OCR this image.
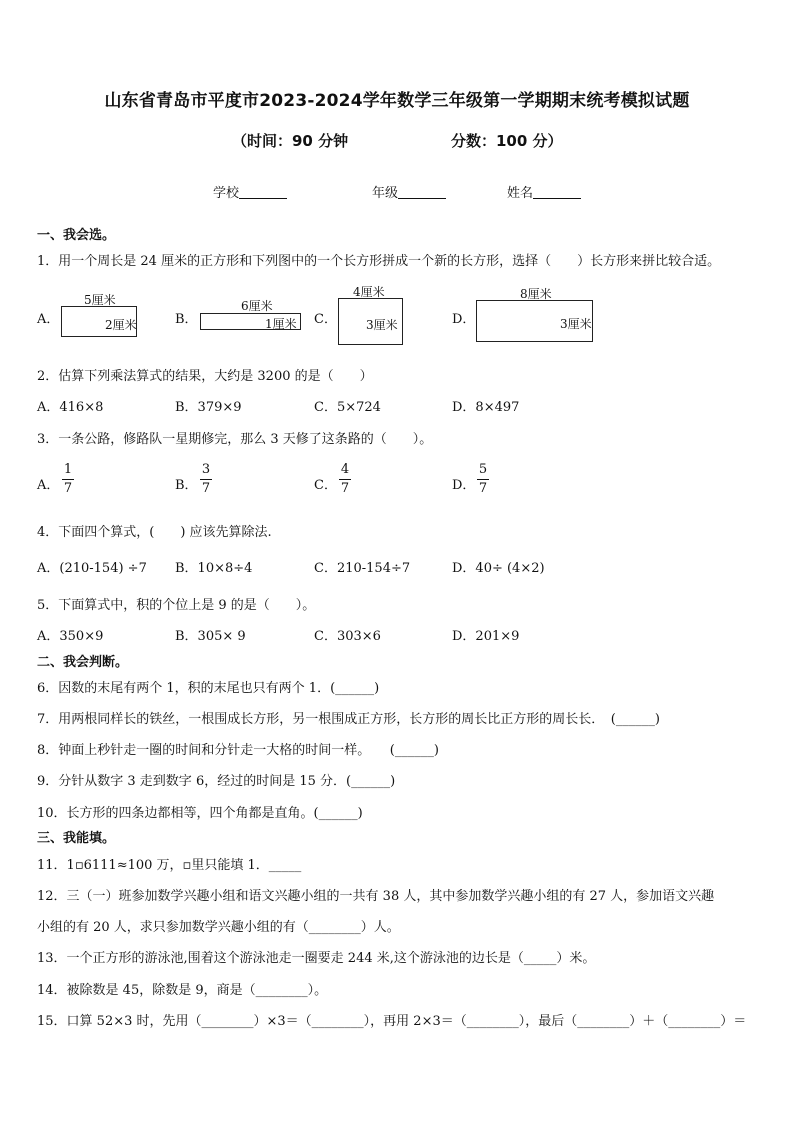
山东省青岛市平度市2023-2024学年数学三年级第一学期期末统考模拟试题
（时间：90 分钟	分数：100 分）
学校	年级	姓名
一、我会选。
1．用一个周长是 24 厘米的正方形和下列图中的一个长方形拼成一个新的长方形，选择（　　）长方形来拼比较合适。
A．
5厘米
2厘米	B．
6厘米
1厘米 C．
4厘米
3厘米	D．
8厘米
3厘米
2．估算下列乘法算式的结果，大约是 3200 的是（　　）
A．416×8	B．379×9	C．5×724	D．8×497
3．一条公路，修路队一星期修完，那么 3 天修了这条路的（　　）。
A．
1
7	B．
3
7	C．
4
7	D．
5
7
4．下面四个算式，(　　) 应该先算除法.
A．(210-154) ÷7 B．10×8÷4	C．210-154÷7	D．40÷ (4×2)
5．下面算式中，积的个位上是 9 的是（　　）。
A．350×9	B．305× 9	C．303×6	D．201×9
二、我会判断。
6．因数的末尾有两个 1，积的末尾也只有两个 1．(______)
7．用两根同样长的铁丝，一根围成长方形，另一根围成正方形，长方形的周长比正方形的周长长．　(______)
8．钟面上秒针走一圈的时间和分针走一大格的时间一样。　　(______)
9．分针从数字 3 走到数字 6，经过的时间是 15 分．(______)
10．长方形的四条边都相等，四个角都是直角。(______)
三、我能填。
11．1▫6111≈100 万，▫里只能填 1．_____
12．三（一）班参加数学兴趣小组和语文兴趣小组的一共有 38 人，其中参加数学兴趣小组的有 27 人，参加语文兴趣
小组的有 20 人，求只参加数学兴趣小组的有（________）人。
13．一个正方形的游泳池,围着这个游泳池走一圈要走 244 米,这个游泳池的边长是（_____）米。
14．被除数是 45，除数是 9，商是（________）。
15．口算 52×3 时，先用（________）×3＝（________），再用 2×3＝（________），最后（________）＋（________）＝
